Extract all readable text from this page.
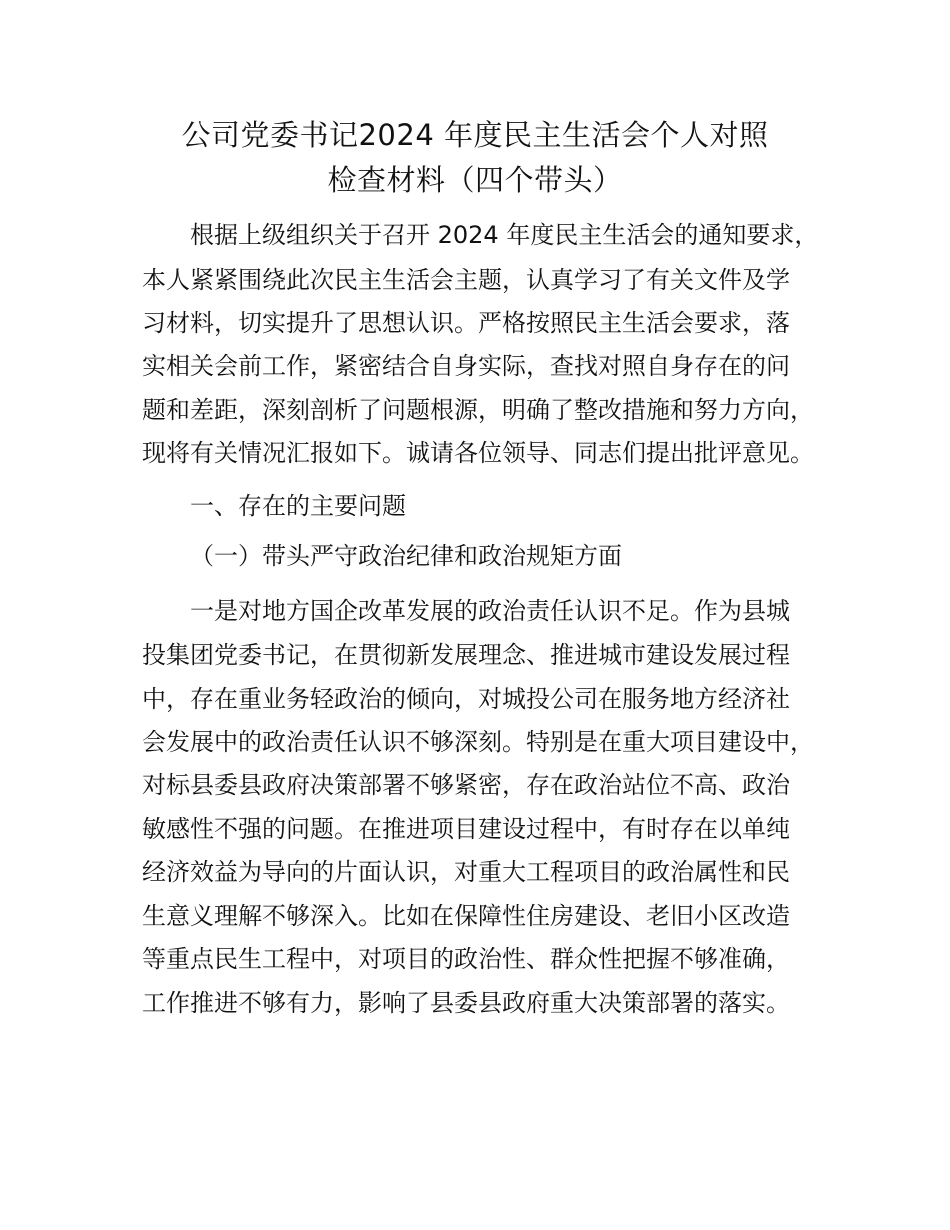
公司党委书记2024 年度民主生活会个人对照
检查材料（四个带头）
根据上级组织关于召开 2024 年度民主生活会的通知要求，
本人紧紧围绕此次民主生活会主题，认真学习了有关文件及学
习材料，切实提升了思想认识。严格按照民主生活会要求，落
实相关会前工作，紧密结合自身实际，查找对照自身存在的问
题和差距，深刻剖析了问题根源，明确了整改措施和努力方向，
现将有关情况汇报如下。诚请各位领导、同志们提出批评意见。
一、存在的主要问题
（一）带头严守政治纪律和政治规矩方面
一是对地方国企改革发展的政治责任认识不足。作为县城
投集团党委书记，在贯彻新发展理念、推进城市建设发展过程
中，存在重业务轻政治的倾向，对城投公司在服务地方经济社
会发展中的政治责任认识不够深刻。特别是在重大项目建设中，
对标县委县政府决策部署不够紧密，存在政治站位不高、政治
敏感性不强的问题。在推进项目建设过程中，有时存在以单纯
经济效益为导向的片面认识，对重大工程项目的政治属性和民
生意义理解不够深入。比如在保障性住房建设、老旧小区改造
等重点民生工程中，对项目的政治性、群众性把握不够准确，
工作推进不够有力，影响了县委县政府重大决策部署的落实。
